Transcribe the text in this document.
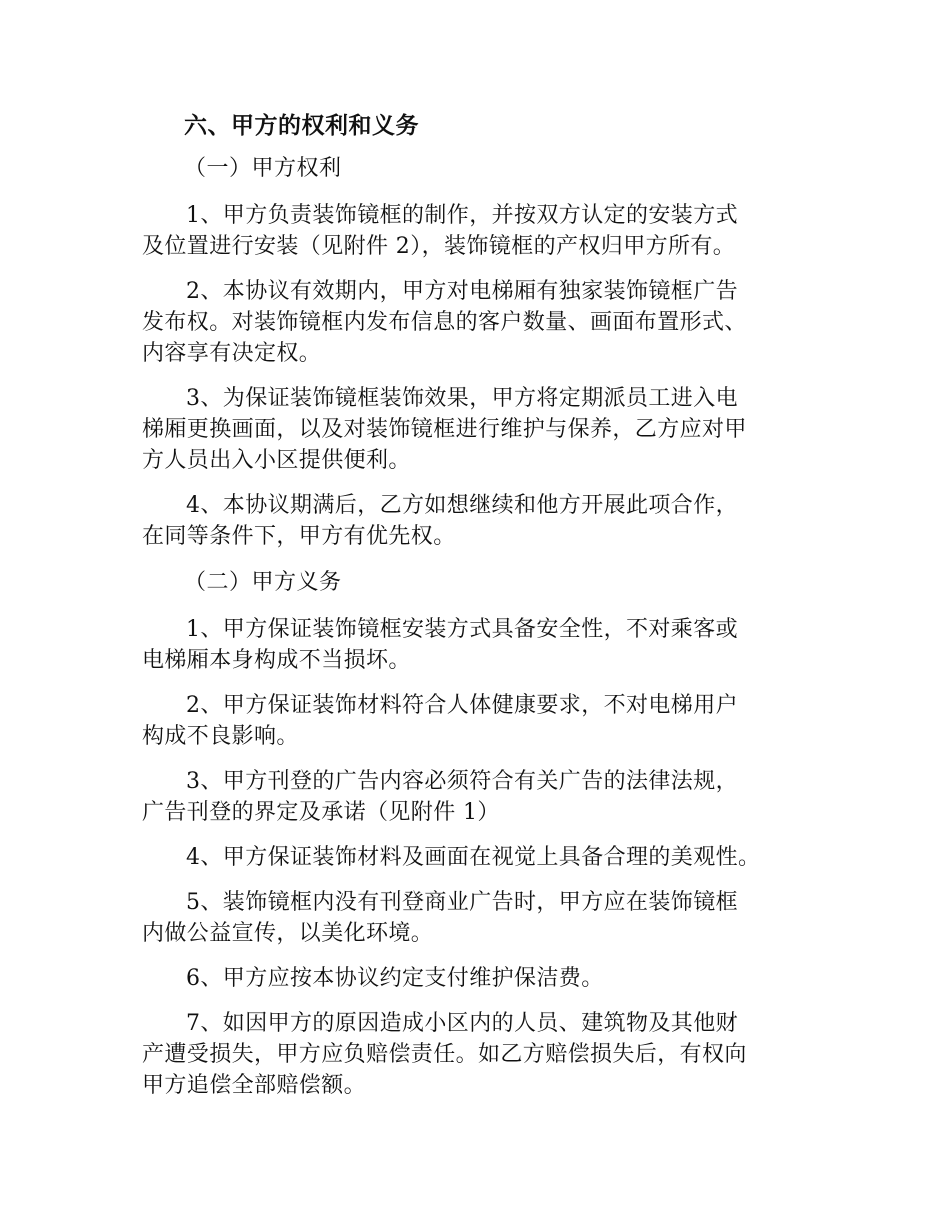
六、甲方的权利和义务
（一）甲方权利
1、甲方负责装饰镜框的制作，并按双方认定的安装方式
及位置进行安装（见附件 2），装饰镜框的产权归甲方所有。
2、本协议有效期内，甲方对电梯厢有独家装饰镜框广告
发布权。对装饰镜框内发布信息的客户数量、画面布置形式、
内容享有决定权。
3、为保证装饰镜框装饰效果，甲方将定期派员工进入电
梯厢更换画面，以及对装饰镜框进行维护与保养，乙方应对甲
方人员出入小区提供便利。
4、本协议期满后，乙方如想继续和他方开展此项合作，
在同等条件下，甲方有优先权。
（二）甲方义务
1、甲方保证装饰镜框安装方式具备安全性，不对乘客或
电梯厢本身构成不当损坏。
2、甲方保证装饰材料符合人体健康要求，不对电梯用户
构成不良影响。
3、甲方刊登的广告内容必须符合有关广告的法律法规，
广告刊登的界定及承诺（见附件 1）
4、甲方保证装饰材料及画面在视觉上具备合理的美观性。
5、装饰镜框内没有刊登商业广告时，甲方应在装饰镜框
内做公益宣传，以美化环境。
6、甲方应按本协议约定支付维护保洁费。
7、如因甲方的原因造成小区内的人员、建筑物及其他财
产遭受损失，甲方应负赔偿责任。如乙方赔偿损失后，有权向
甲方追偿全部赔偿额。
